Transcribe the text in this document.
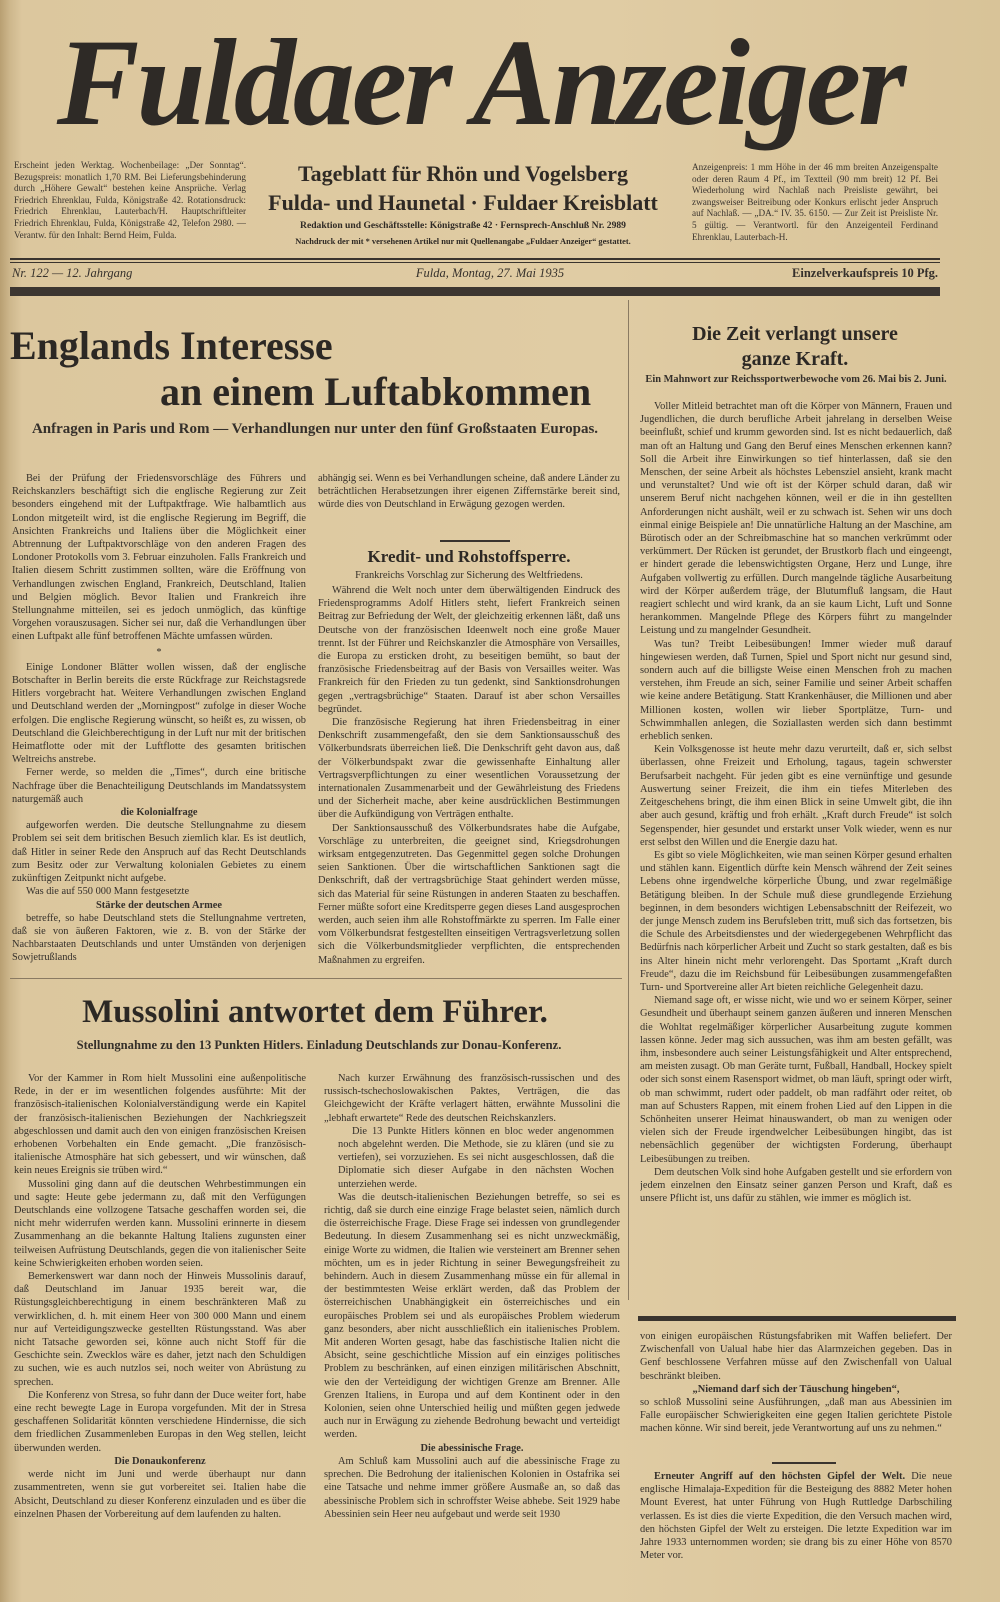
Fuldaer Anzeiger
Erscheint jeden Werktag. Wochenbeilage: „Der Sonntag“. Bezugspreis: monatlich 1,70 RM. Bei Lieferungsbehinderung durch „Höhere Gewalt“ bestehen keine Ansprüche. Verlag Friedrich Ehrenklau, Fulda, Königstraße 42. Rotationsdruck: Friedrich Ehrenklau, Lauterbach/H. Hauptschriftleiter Friedrich Ehrenklau, Fulda, Königstraße 42, Telefon 2980. — Verantw. für den Inhalt: Bernd Heim, Fulda.
Tageblatt für Rhön und Vogelsberg
Fulda- und Haunetal · Fuldaer Kreisblatt
Redaktion und Geschäftsstelle: Königstraße 42 · Fernsprech-Anschluß Nr. 2989
Nachdruck der mit * versehenen Artikel nur mit Quellenangabe „Fuldaer Anzeiger“ gestattet.
Anzeigenpreis: 1 mm Höhe in der 46 mm breiten Anzeigenspalte oder deren Raum 4 Pf., im Textteil (90 mm breit) 12 Pf. Bei Wiederholung wird Nachlaß nach Preisliste gewährt, bei zwangsweiser Beitreibung oder Konkurs erlischt jeder Anspruch auf Nachlaß. — „DA.“ IV. 35. 6150. — Zur Zeit ist Preisliste Nr. 5 gültig. — Verantwortl. für den Anzeigenteil Ferdinand Ehrenklau, Lauterbach-H.
Nr. 122 — 12. Jahrgang	Fulda, Montag, 27. Mai 1935	Einzelverkaufspreis 10 Pfg.
Englands Interesse
an einem Luftabkommen
Anfragen in Paris und Rom — Verhandlungen nur unter den fünf Großstaaten Europas.

Bei der Prüfung der Friedensvorschläge des Führers und Reichskanzlers beschäftigt sich die englische Regierung zur Zeit besonders eingehend mit der Luftpaktfrage. Wie halbamtlich aus London mitgeteilt wird, ist die englische Regierung im Begriff, die Ansichten Frankreichs und Italiens über die Möglichkeit einer Abtrennung der Luftpaktvorschläge von den anderen Fragen des Londoner Protokolls vom 3. Februar einzuholen. Falls Frankreich und Italien diesem Schritt zustimmen sollten, wäre die Eröffnung von Verhandlungen zwischen England, Frankreich, Deutschland, Italien und Belgien möglich. Bevor Italien und Frankreich ihre Stellungnahme mitteilen, sei es jedoch unmöglich, das künftige Vorgehen vorauszusagen. Sicher sei nur, daß die Verhandlungen über einen Luftpakt alle fünf betroffenen Mächte umfassen würden.

*

Einige Londoner Blätter wollen wissen, daß der englische Botschafter in Berlin bereits die erste Rückfrage zur Reichstagsrede Hitlers vorgebracht hat. Weitere Verhandlungen zwischen England und Deutschland werden der „Morningpost“ zufolge in dieser Woche erfolgen. Die englische Regierung wünscht, so heißt es, zu wissen, ob Deutschland die Gleichberechtigung in der Luft nur mit der britischen Heimatflotte oder mit der Luftflotte des gesamten britischen Weltreichs anstrebe.

Ferner werde, so melden die „Times“, durch eine britische Nachfrage über die Benachteiligung Deutschlands im Mandatssystem naturgemäß auch

die Kolonialfrage

aufgeworfen werden. Die deutsche Stellungnahme zu diesem Problem sei seit dem britischen Besuch ziemlich klar. Es ist deutlich, daß Hitler in seiner Rede den Anspruch auf das Recht Deutschlands zum Besitz oder zur Verwaltung kolonialen Gebietes zu einem zukünftigen Zeitpunkt nicht aufgebe.

Was die auf 550 000 Mann festgesetzte

Stärke der deutschen Armee

betreffe, so habe Deutschland stets die Stellungnahme vertreten, daß sie von äußeren Faktoren, wie z. B. von der Stärke der Nachbarstaaten Deutschlands und unter Umständen von derjenigen Sowjetrußlands

abhängig sei. Wenn es bei Verhandlungen scheine, daß andere Länder zu beträchtlichen Herabsetzungen ihrer eigenen Ziffernstärke bereit sind, würde dies von Deutschland in Erwägung gezogen werden.

Kredit- und Rohstoffsperre.
Frankreichs Vorschlag zur Sicherung des Weltfriedens.

Während die Welt noch unter dem überwältigenden Eindruck des Friedensprogramms Adolf Hitlers steht, liefert Frankreich seinen Beitrag zur Befriedung der Welt, der gleichzeitig erkennen läßt, daß uns Deutsche von der französischen Ideenwelt noch eine große Mauer trennt. Ist der Führer und Reichskanzler die Atmosphäre von Versailles, die Europa zu ersticken droht, zu beseitigen bemüht, so baut der französische Friedensbeitrag auf der Basis von Versailles weiter. Was Frankreich für den Frieden zu tun gedenkt, sind Sanktionsdrohungen gegen „vertragsbrüchige“ Staaten. Darauf ist aber schon Versailles begründet.

Die französische Regierung hat ihren Friedensbeitrag in einer Denkschrift zusammengefaßt, den sie dem Sanktionsausschuß des Völkerbundsrats überreichen ließ. Die Denkschrift geht davon aus, daß der Völkerbundspakt zwar die gewissenhafte Einhaltung aller Vertragsverpflichtungen zu einer wesentlichen Voraussetzung der internationalen Zusammenarbeit und der Gewährleistung des Friedens und der Sicherheit mache, aber keine ausdrücklichen Bestimmungen über die Aufkündigung von Verträgen enthalte.

Der Sanktionsausschuß des Völkerbundsrates habe die Aufgabe, Vorschläge zu unterbreiten, die geeignet sind, Kriegsdrohungen wirksam entgegenzutreten. Das Gegenmittel gegen solche Drohungen seien Sanktionen. Über die wirtschaftlichen Sanktionen sagt die Denkschrift, daß der vertragsbrüchige Staat gehindert werden müsse, sich das Material für seine Rüstungen in anderen Staaten zu beschaffen. Ferner müßte sofort eine Kreditsperre gegen dieses Land ausgesprochen werden, auch seien ihm alle Rohstoffmärkte zu sperren. Im Falle einer vom Völkerbundsrat festgestellten einseitigen Vertragsverletzung sollen sich die Völkerbundsmitglieder verpflichten, die entsprechenden Maßnahmen zu ergreifen.

Die Zeit verlangt unsere
ganze Kraft.
Ein Mahnwort zur Reichssportwerbewoche vom 26. Mai bis 2. Juni.

Voller Mitleid betrachtet man oft die Körper von Männern, Frauen und Jugendlichen, die durch berufliche Arbeit jahrelang in derselben Weise beeinflußt, schief und krumm geworden sind. Ist es nicht bedauerlich, daß man oft an Haltung und Gang den Beruf eines Menschen erkennen kann? Soll die Arbeit ihre Einwirkungen so tief hinterlassen, daß sie den Menschen, der seine Arbeit als höchstes Lebensziel ansieht, krank macht und verunstaltet? Und wie oft ist der Körper schuld daran, daß wir unserem Beruf nicht nachgehen können, weil er die in ihn gestellten Anforderungen nicht aushält, weil er zu schwach ist. Sehen wir uns doch einmal einige Beispiele an! Die unnatürliche Haltung an der Maschine, am Bürotisch oder an der Schreibmaschine hat so manchen verkrümmt oder verkümmert. Der Rücken ist gerundet, der Brustkorb flach und eingeengt, er hindert gerade die lebenswichtigsten Organe, Herz und Lunge, ihre Aufgaben vollwertig zu erfüllen. Durch mangelnde tägliche Ausarbeitung wird der Körper außerdem träge, der Blutumfluß langsam, die Haut reagiert schlecht und wird krank, da an sie kaum Licht, Luft und Sonne herankommen. Mangelnde Pflege des Körpers führt zu mangelnder Leistung und zu mangelnder Gesundheit.

Was tun? Treibt Leibesübungen! Immer wieder muß darauf hingewiesen werden, daß Turnen, Spiel und Sport nicht nur gesund sind, sondern auch auf die billigste Weise einen Menschen froh zu machen verstehen, ihm Freude an sich, seiner Familie und seiner Arbeit schaffen wie keine andere Betätigung. Statt Krankenhäuser, die Millionen und aber Millionen kosten, wollen wir lieber Sportplätze, Turn- und Schwimmhallen anlegen, die Soziallasten werden sich dann bestimmt erheblich senken.

Kein Volksgenosse ist heute mehr dazu verurteilt, daß er, sich selbst überlassen, ohne Freizeit und Erholung, tagaus, tagein schwerster Berufsarbeit nachgeht. Für jeden gibt es eine vernünftige und gesunde Auswertung seiner Freizeit, die ihm ein tiefes Miterleben des Zeitgeschehens bringt, die ihm einen Blick in seine Umwelt gibt, die ihn aber auch gesund, kräftig und froh erhält. „Kraft durch Freude“ ist solch Segenspender, hier gesundet und erstarkt unser Volk wieder, wenn es nur erst selbst den Willen und die Energie dazu hat.

Es gibt so viele Möglichkeiten, wie man seinen Körper gesund erhalten und stählen kann. Eigentlich dürfte kein Mensch während der Zeit seines Lebens ohne irgendwelche körperliche Übung, und zwar regelmäßige Betätigung bleiben. In der Schule muß diese grundlegende Erziehung beginnen, in dem besonders wichtigen Lebensabschnitt der Reifezeit, wo der junge Mensch zudem ins Berufsleben tritt, muß sich das fortsetzen, bis die Schule des Arbeitsdienstes und der wiedergegebenen Wehrpflicht das Bedürfnis nach körperlicher Arbeit und Zucht so stark gestalten, daß es bis ins Alter hinein nicht mehr verlorengeht. Das Sportamt „Kraft durch Freude“, dazu die im Reichsbund für Leibesübungen zusammengefaßten Turn- und Sportvereine aller Art bieten reichliche Gelegenheit dazu.

Niemand sage oft, er wisse nicht, wie und wo er seinem Körper, seiner Gesundheit und überhaupt seinem ganzen äußeren und inneren Menschen die Wohltat regelmäßiger körperlicher Ausarbeitung zugute kommen lassen könne. Jeder mag sich aussuchen, was ihm am besten gefällt, was ihm, insbesondere auch seiner Leistungsfähigkeit und Alter entsprechend, am meisten zusagt. Ob man Geräte turnt, Fußball, Handball, Hockey spielt oder sich sonst einem Rasensport widmet, ob man läuft, springt oder wirft, ob man schwimmt, rudert oder paddelt, ob man radfährt oder reitet, ob man auf Schusters Rappen, mit einem frohen Lied auf den Lippen in die Schönheiten unserer Heimat hinauswandert, ob man zu wenigen oder vielen sich der Freude irgendwelcher Leibesübungen hingibt, das ist nebensächlich gegenüber der wichtigsten Forderung, überhaupt Leibesübungen zu treiben.

Dem deutschen Volk sind hohe Aufgaben gestellt und sie erfordern von jedem einzelnen den Einsatz seiner ganzen Person und Kraft, daß es unsere Pflicht ist, uns dafür zu stählen, wie immer es möglich ist.

Mussolini antwortet dem Führer.
Stellungnahme zu den 13 Punkten Hitlers. Einladung Deutschlands zur Donau-Konferenz.

Vor der Kammer in Rom hielt Mussolini eine außenpolitische Rede, in der er im wesentlichen folgendes ausführte: Mit der französisch-italienischen Kolonialverständigung werde ein Kapitel der französisch-italienischen Beziehungen der Nachkriegszeit abgeschlossen und damit auch den von einigen französischen Kreisen erhobenen Vorbehalten ein Ende gemacht. „Die französisch-italienische Atmosphäre hat sich gebessert, und wir wünschen, daß kein neues Ereignis sie trüben wird.“

Mussolini ging dann auf die deutschen Wehrbestimmungen ein und sagte: Heute gebe jedermann zu, daß mit den Verfügungen Deutschlands eine vollzogene Tatsache geschaffen worden sei, die nicht mehr widerrufen werden kann. Mussolini erinnerte in diesem Zusammenhang an die bekannte Haltung Italiens zugunsten einer teilweisen Aufrüstung Deutschlands, gegen die von italienischer Seite keine Schwierigkeiten erhoben worden seien.

Bemerkenswert war dann noch der Hinweis Mussolinis darauf, daß Deutschland im Januar 1935 bereit war, die Rüstungsgleichberechtigung in einem beschränkteren Maß zu verwirklichen, d. h. mit einem Heer von 300 000 Mann und einem nur auf Verteidigungszwecke gestellten Rüstungsstand. Was aber nicht Tatsache geworden sei, könne auch nicht Stoff für die Geschichte sein. Zwecklos wäre es daher, jetzt nach den Schuldigen zu suchen, wie es auch nutzlos sei, noch weiter von Abrüstung zu sprechen.

Die Konferenz von Stresa, so fuhr dann der Duce weiter fort, habe eine recht bewegte Lage in Europa vorgefunden. Mit der in Stresa geschaffenen Solidarität könnten verschiedene Hindernisse, die sich dem friedlichen Zusammenleben Europas in den Weg stellen, leicht überwunden werden.

Die Donaukonferenz

werde nicht im Juni und werde überhaupt nur dann zusammentreten, wenn sie gut vorbereitet sei. Italien habe die Absicht, Deutschland zu dieser Konferenz einzuladen und es über die einzelnen Phasen der Vorbereitung auf dem laufenden zu halten.

Nach kurzer Erwähnung des französisch-russischen und des russisch-tschechoslowakischen Paktes, Verträgen, die das Gleichgewicht der Kräfte verlagert hätten, erwähnte Mussolini die „lebhaft erwartete“ Rede des deutschen Reichskanzlers.

Die 13 Punkte Hitlers können en bloc weder angenommen noch abgelehnt werden. Die Methode, sie zu klären (und sie zu vertiefen), sei vorzuziehen. Es sei nicht ausgeschlossen, daß die Diplomatie sich dieser Aufgabe in den nächsten Wochen unterziehen werde.

Was die deutsch-italienischen Beziehungen betreffe, so sei es richtig, daß sie durch eine einzige Frage belastet seien, nämlich durch die österreichische Frage. Diese Frage sei indessen von grundlegender Bedeutung. In diesem Zusammenhang sei es nicht unzweckmäßig, einige Worte zu widmen, die Italien wie versteinert am Brenner sehen möchten, um es in jeder Richtung in seiner Bewegungsfreiheit zu behindern. Auch in diesem Zusammenhang müsse ein für allemal in der bestimmtesten Weise erklärt werden, daß das Problem der österreichischen Unabhängigkeit ein österreichisches und ein europäisches Problem sei und als europäisches Problem wiederum ganz besonders, aber nicht ausschließlich ein italienisches Problem. Mit anderen Worten gesagt, habe das faschistische Italien nicht die Absicht, seine geschichtliche Mission auf ein einziges politisches Problem zu beschränken, auf einen einzigen militärischen Abschnitt, wie den der Verteidigung der wichtigen Grenze am Brenner. Alle Grenzen Italiens, in Europa und auf dem Kontinent oder in den Kolonien, seien ohne Unterschied heilig und müßten gegen jedwede auch nur in Erwägung zu ziehende Bedrohung bewacht und verteidigt werden.

Die abessinische Frage.

Am Schluß kam Mussolini auch auf die abessinische Frage zu sprechen. Die Bedrohung der italienischen Kolonien in Ostafrika sei eine Tatsache und nehme immer größere Ausmaße an, so daß das abessinische Problem sich in schroffster Weise abhebe. Seit 1929 habe Abessinien sein Heer neu aufgebaut und werde seit 1930

von einigen europäischen Rüstungsfabriken mit Waffen beliefert. Der Zwischenfall von Ualual habe hier das Alarmzeichen gegeben. Das in Genf beschlossene Verfahren müsse auf den Zwischenfall von Ualual beschränkt bleiben.

„Niemand darf sich der Täuschung hingeben“,

so schloß Mussolini seine Ausführungen, „daß man aus Abessinien im Falle europäischer Schwierigkeiten eine gegen Italien gerichtete Pistole machen könne. Wir sind bereit, jede Verantwortung auf uns zu nehmen.“

Erneuter Angriff auf den höchsten Gipfel der Welt. Die neue englische Himalaja-Expedition für die Besteigung des 8882 Meter hohen Mount Everest, hat unter Führung von Hugh Ruttledge Darbschiling verlassen. Es ist dies die vierte Expedition, die den Versuch machen wird, den höchsten Gipfel der Welt zu ersteigen. Die letzte Expedition war im Jahre 1933 unternommen worden; sie drang bis zu einer Höhe von 8570 Meter vor.
